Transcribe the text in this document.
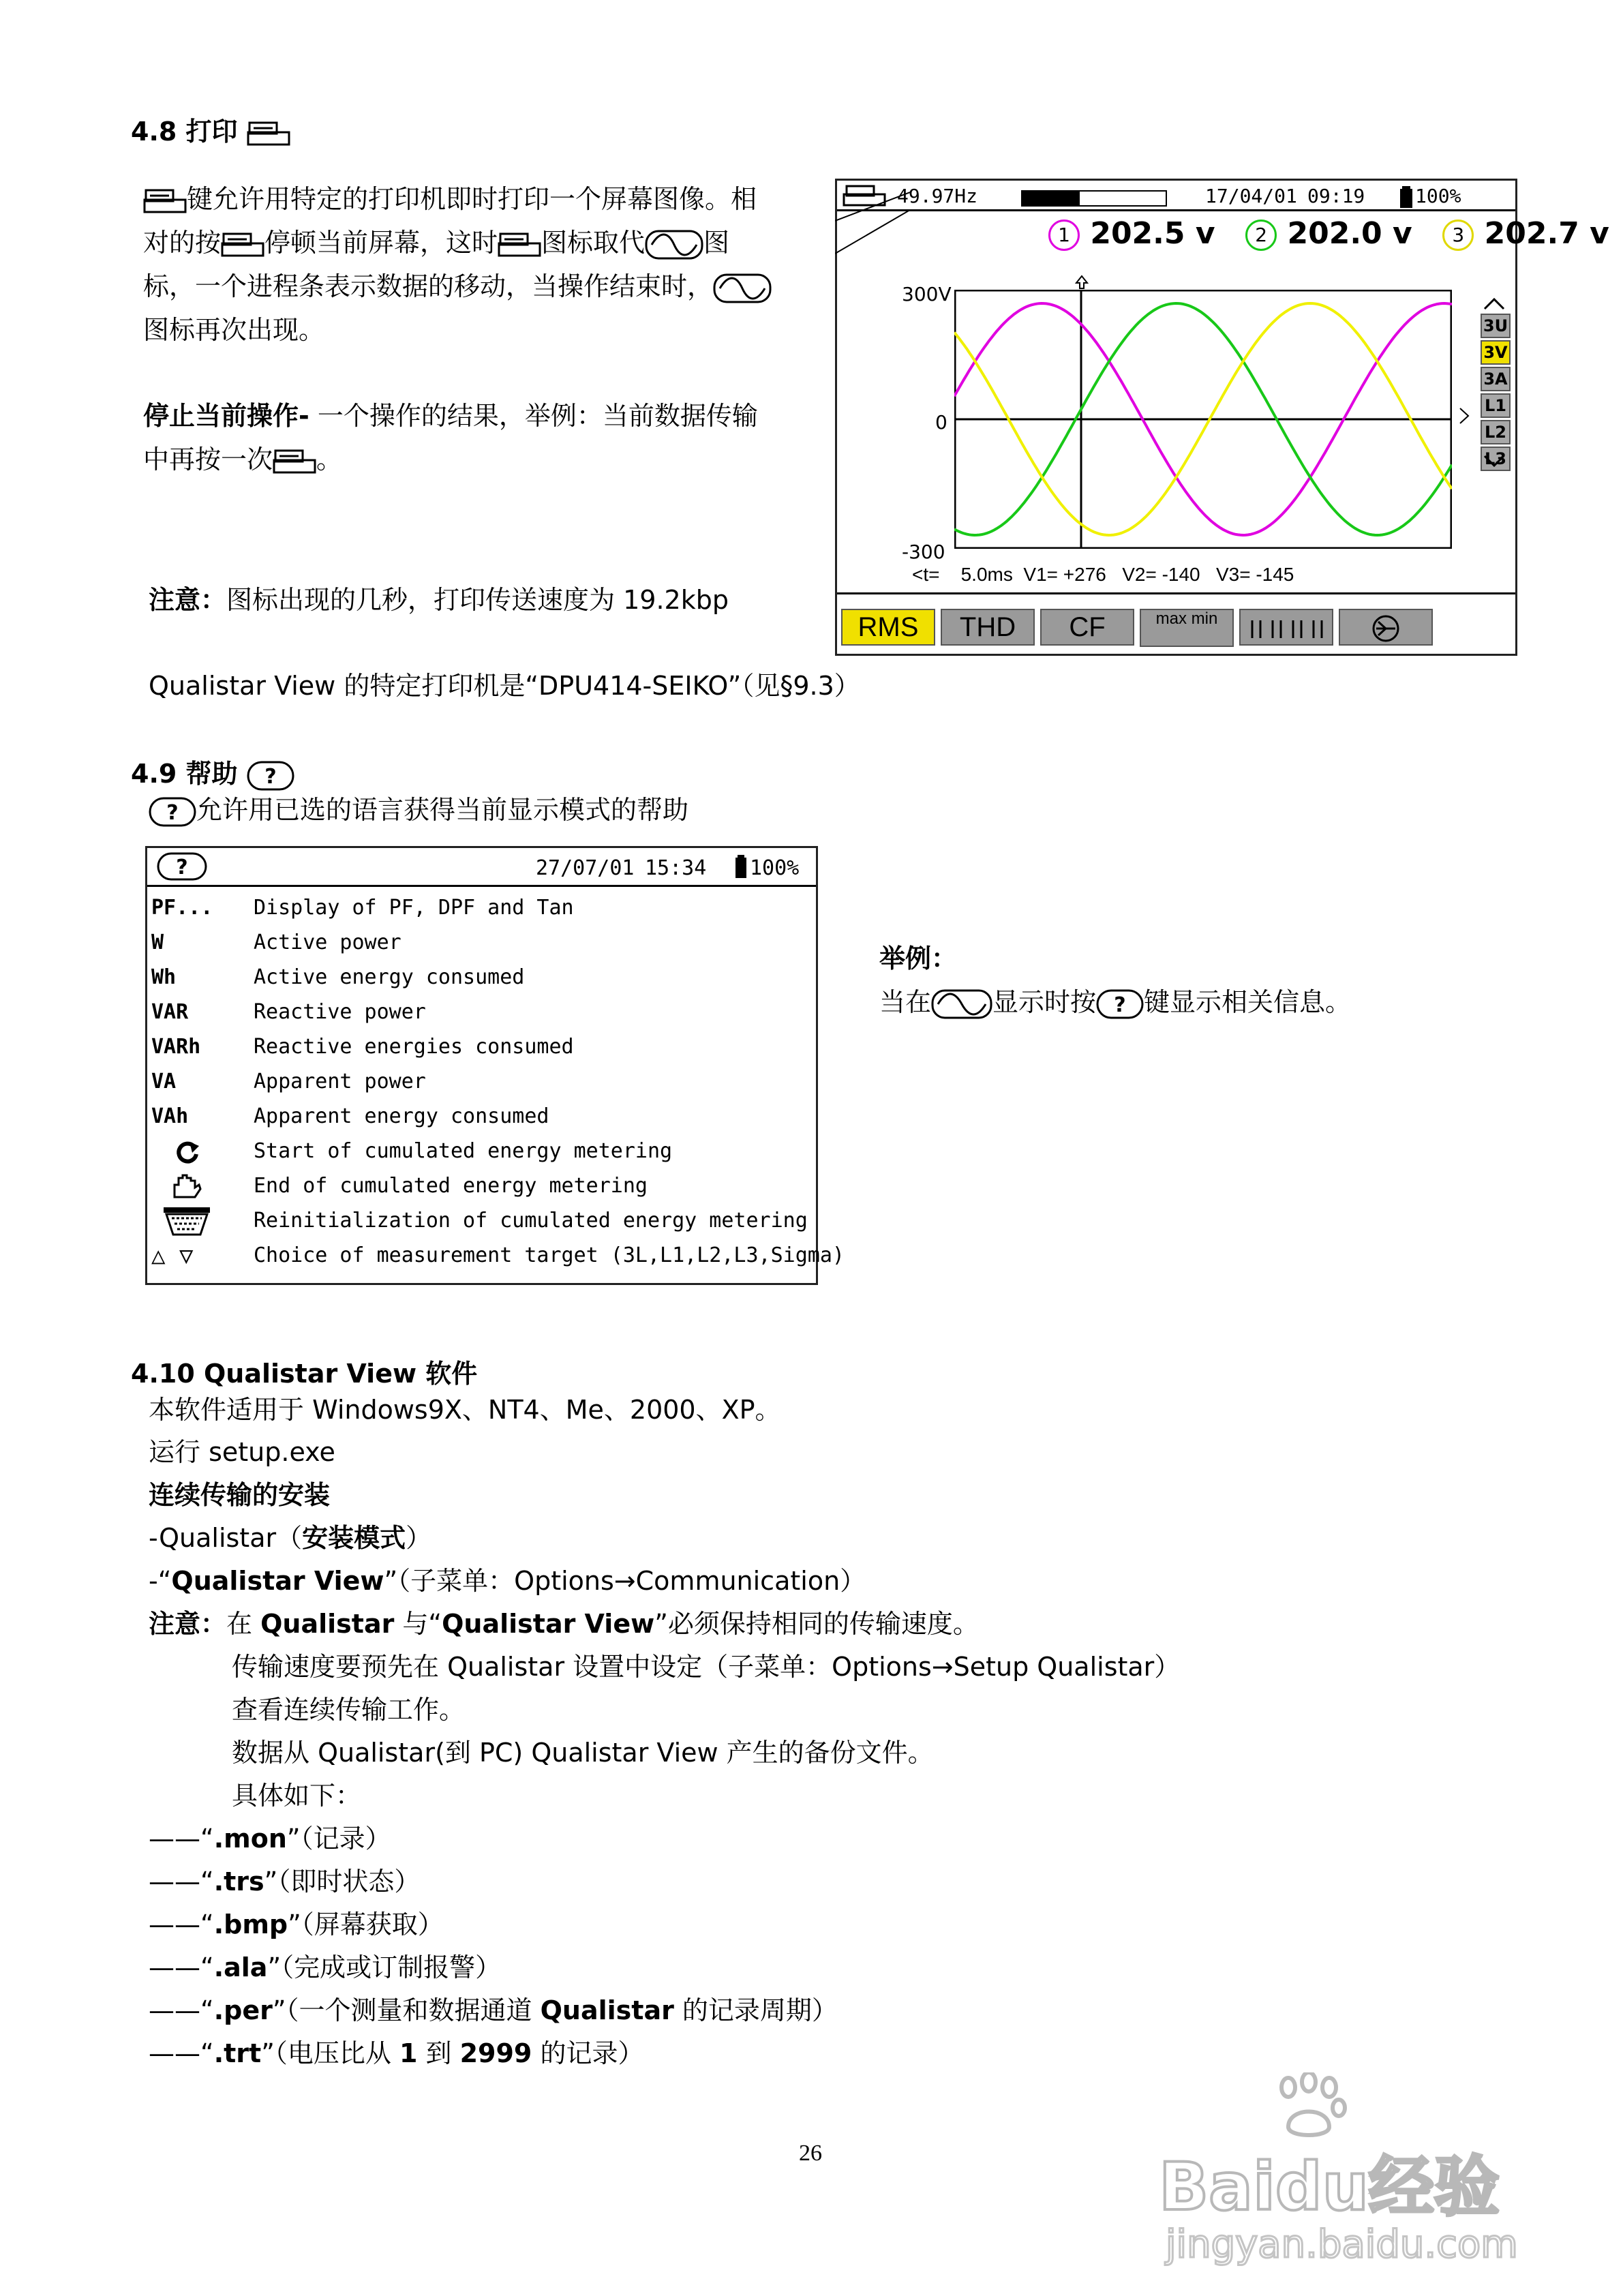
4.8 打印
键允许用特定的打印机即时打印一个屏幕图像。相
对的按 停顿当前屏幕，这时 图标取代 图
标，一个进程条表示数据的移动，当操作结束时，
图标再次出现。
停止当前操作- 一个操作的结果，举例：当前数据传输
中再按一次 。
注意：图标出现的几秒，打印传送速度为 19.2kbp
Qualistar View 的特定打印机是“DPU414-SEIKO”（见§9.3）
49.97Hz	17/04/01 09:19	100%
1 202.5 v 2 202.0 v 3 202.7 v
300V
0
-300
3U
3V
3A
L1
L2
L3
<t=    5.0ms  V1= +276   V2= -140   V3= -145
RMS	THD	CF	max min
4.9 帮助 ?
? 允许用已选的语言获得当前显示模式的帮助
?	27/07/01 15:34 100%
PF...	Display of PF, DPF and Tan
W	Active power
Wh	Active energy consumed
VAR	Reactive power
VARh	Reactive energies consumed
VA	Apparent power
VAh	Apparent energy consumed
Start of cumulated energy metering
End of cumulated energy metering
Reinitialization of cumulated energy metering
△ ▽	Choice of measurement target (3L,L1,L2,L3,Sigma)
举例：
当在 显示时按 ? 键显示相关信息。
4.10 Qualistar View 软件
本软件适用于 Windows9X、NT4、Me、2000、XP。
运行 setup.exe
连续传输的安装
-Qualistar（安装模式）
-“Qualistar View”（子菜单：Options→Communication）
注意：在 Qualistar 与“Qualistar View”必须保持相同的传输速度。
传输速度要预先在 Qualistar 设置中设定（子菜单：Options→Setup Qualistar）
查看连续传输工作。
数据从 Qualistar(到 PC) Qualistar View 产生的备份文件。
具体如下：
——“.mon”（记录）
——“.trs”（即时状态）
——“.bmp”（屏幕获取）
——“.ala”（完成或订制报警）
——“.per”（一个测量和数据通道 Qualistar 的记录周期）
——“.trt”（电压比从 1 到 2999 的记录）
26	Baidu经验
jingyan.baidu.com
